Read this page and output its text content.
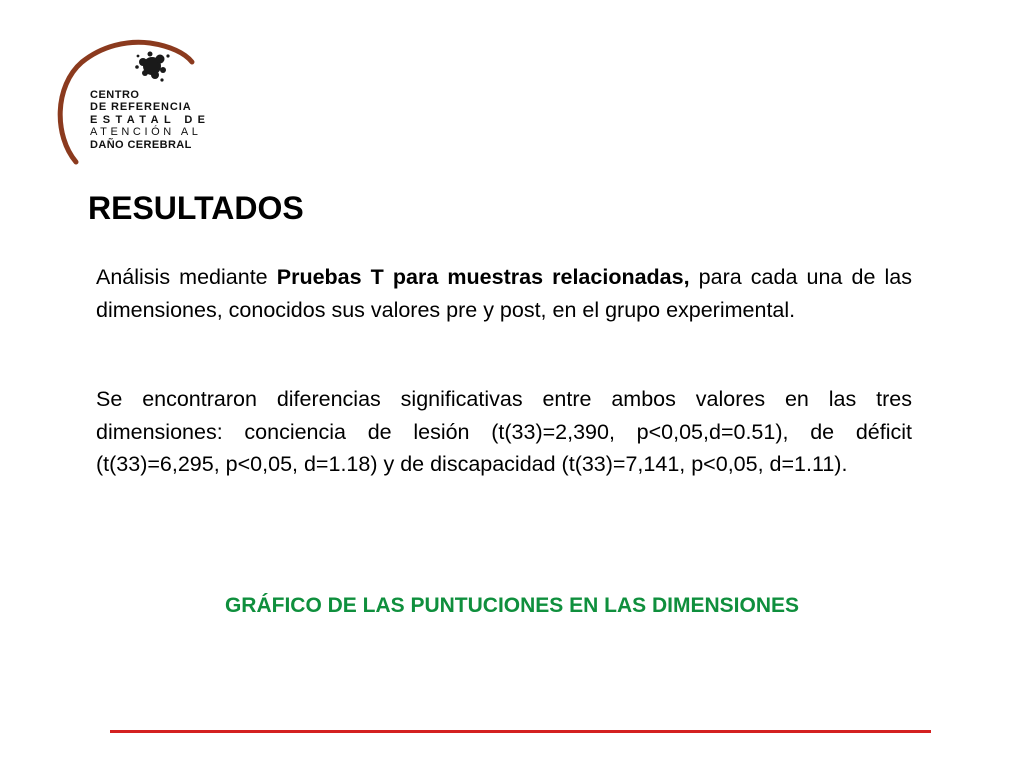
CENTRO
DE REFERENCIA
ESTATAL DE
ATENCIÓN AL
DAÑO CEREBRAL
RESULTADOS

Análisis mediante Pruebas T para muestras relacionadas, para cada una de las dimensiones, conocidos sus valores pre y post, en el grupo experimental.

Se encontraron diferencias significativas entre ambos valores en las tres dimensiones: conciencia de lesión (t(33)=2,390, p<0,05,d=0.51), de déficit (t(33)=6,295, p<0,05, d=1.18) y de discapacidad (t(33)=7,141, p<0,05, d=1.11).

GRÁFICO DE LAS PUNTUCIONES EN LAS DIMENSIONES
